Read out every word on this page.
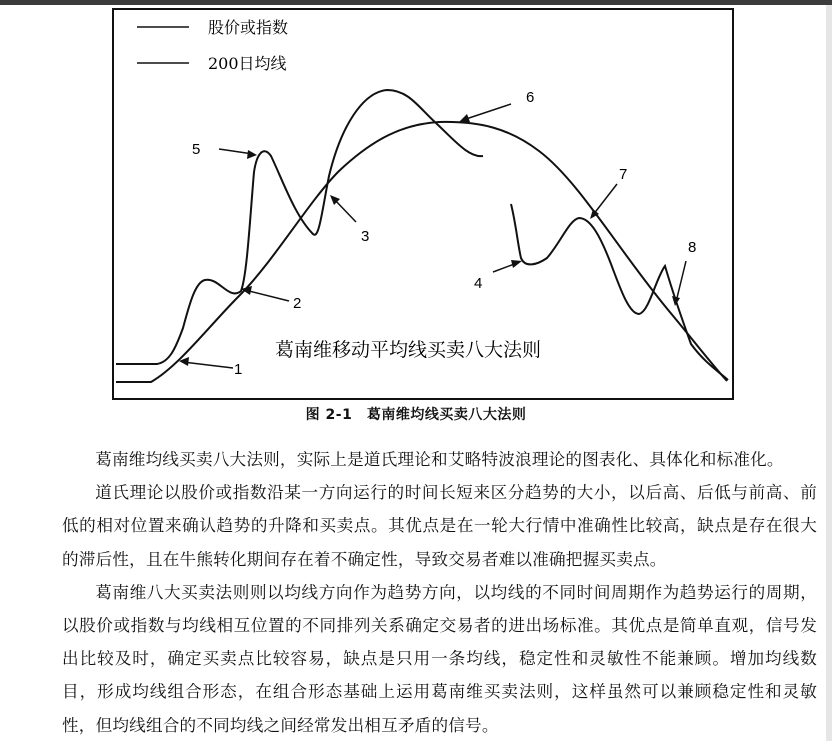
股价或指数
200日均线
1
2
3
4
5
6
7
8
葛南维移动平均线买卖八大法则
图 2-1　葛南维均线买卖八大法则

葛南维均线买卖八大法则，实际上是道氏理论和艾略特波浪理论的图表化、具体化和标准化。

道氏理论以股价或指数沿某一方向运行的时间长短来区分趋势的大小，以后高、后低与前高、前低的相对位置来确认趋势的升降和买卖点。其优点是在一轮大行情中准确性比较高，缺点是存在很大的滞后性，且在牛熊转化期间存在着不确定性，导致交易者难以准确把握买卖点。

葛南维八大买卖法则则以均线方向作为趋势方向，以均线的不同时间周期作为趋势运行的周期，以股价或指数与均线相互位置的不同排列关系确定交易者的进出场标准。其优点是简单直观，信号发出比较及时，确定买卖点比较容易，缺点是只用一条均线，稳定性和灵敏性不能兼顾。增加均线数目，形成均线组合形态，在组合形态基础上运用葛南维买卖法则，这样虽然可以兼顾稳定性和灵敏性，但均线组合的不同均线之间经常发出相互矛盾的信号。
